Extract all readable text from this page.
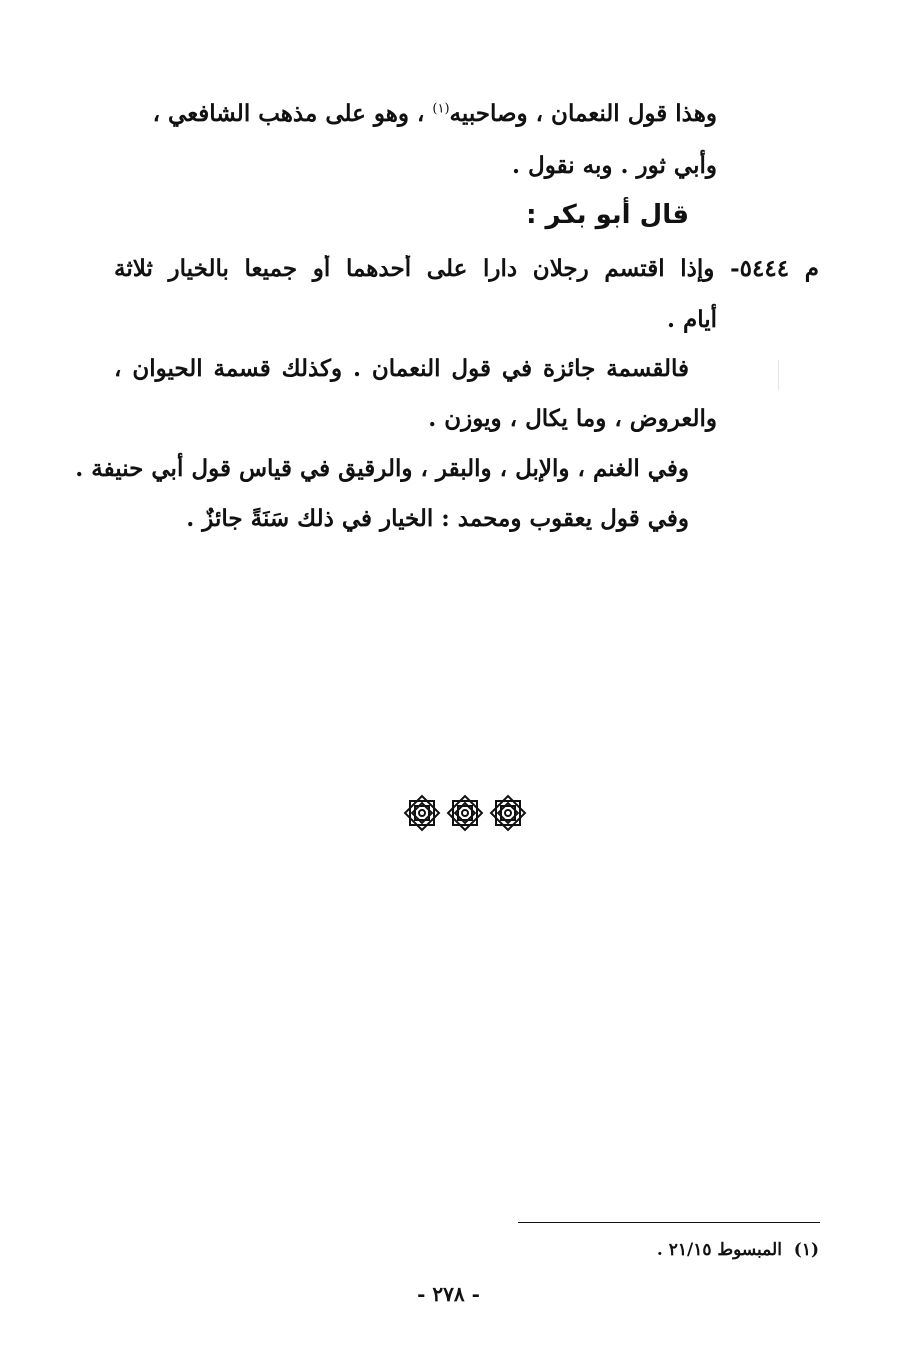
وهذا قول النعمان ، وصاحبيه$^{(١)}$ ، وهو على مذهب الشافعي ،
وأبي ثور . وبه نقول .
قال أبو بكر :
م ٥٤٤٤- وإذا اقتسم رجلان دارا على أحدهما أو جميعا بالخيار ثلاثة
أيام .
فالقسمة جائزة في قول النعمان . وكذلك قسمة الحيوان ،
والعروض ، وما يكال ، ويوزن .
وفي الغنم ، والإبل ، والبقر ، والرقيق في قياس قول أبي حنيفة .
وفي قول يعقوب ومحمد : الخيار في ذلك سَنَةً جائزٌ .
(١)  المبسوط ٢١/١٥ .
- ٢٧٨ -
